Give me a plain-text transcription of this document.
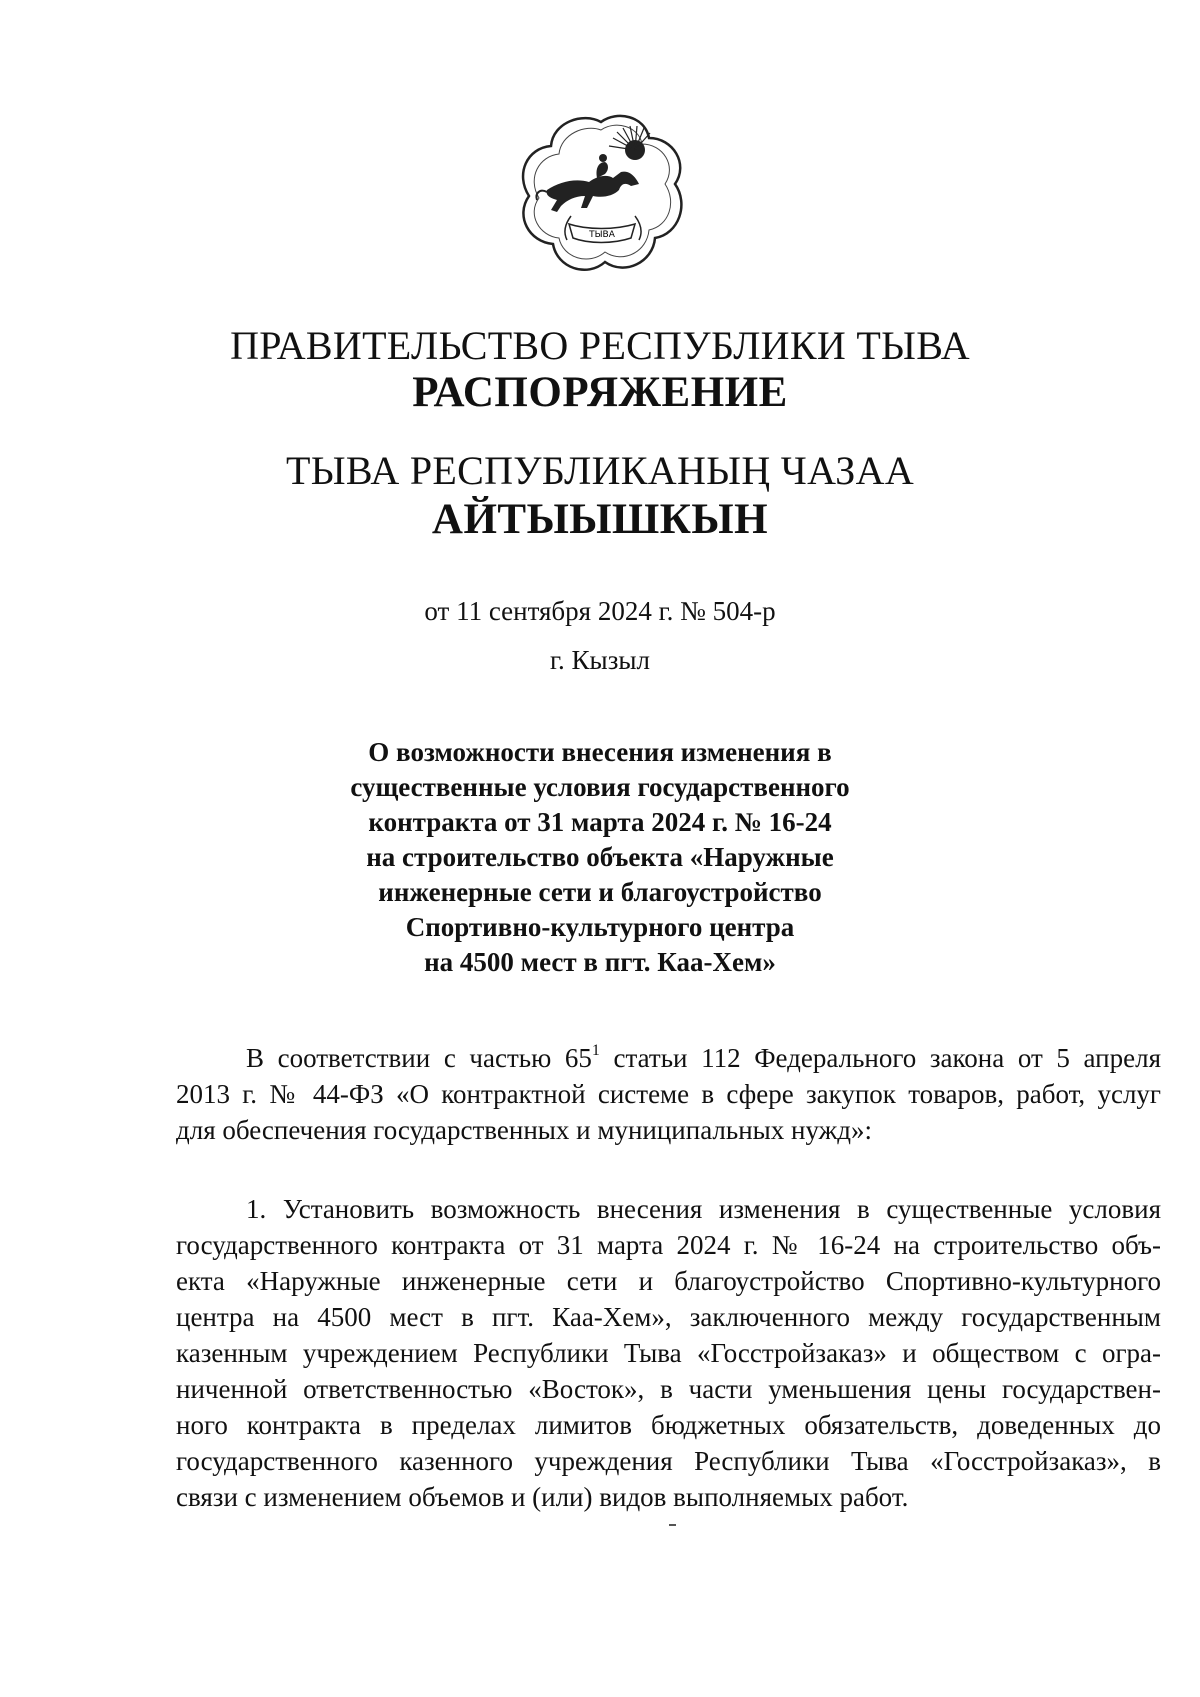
ТЫВА
ПРАВИТЕЛЬСТВО РЕСПУБЛИКИ ТЫВА
РАСПОРЯЖЕНИЕ
ТЫВА РЕСПУБЛИКАНЫҢ ЧАЗАА
АЙТЫЫШКЫН
от 11 сентября 2024 г. № 504-р
г. Кызыл
О возможности внесения изменения в
существенные условия государственного
контракта от 31 марта 2024 г. № 16-24
на строительство объекта «Наружные
инженерные сети и благоустройство
Спортивно-культурного центра
на 4500 мест в пгт. Каа-Хем»
В соответствии с частью $65^1$ статьи 112 Федерального закона от 5 апреля
2013 г. № 44-ФЗ «О контрактной системе в сфере закупок товаров, работ, услуг
для обеспечения государственных и муниципальных нужд»:
1. Установить возможность внесения изменения в существенные условия
государственного контракта от 31 марта 2024 г. № 16-24 на строительство объ-
екта «Наружные инженерные сети и благоустройство Спортивно-культурного
центра на 4500 мест в пгт. Каа-Хем», заключенного между государственным
казенным учреждением Республики Тыва «Госстройзаказ» и обществом с огра-
ниченной ответственностью «Восток», в части уменьшения цены государствен-
ного контракта в пределах лимитов бюджетных обязательств, доведенных до
государственного казенного учреждения Республики Тыва «Госстройзаказ», в
связи с изменением объемов и (или) видов выполняемых работ.
